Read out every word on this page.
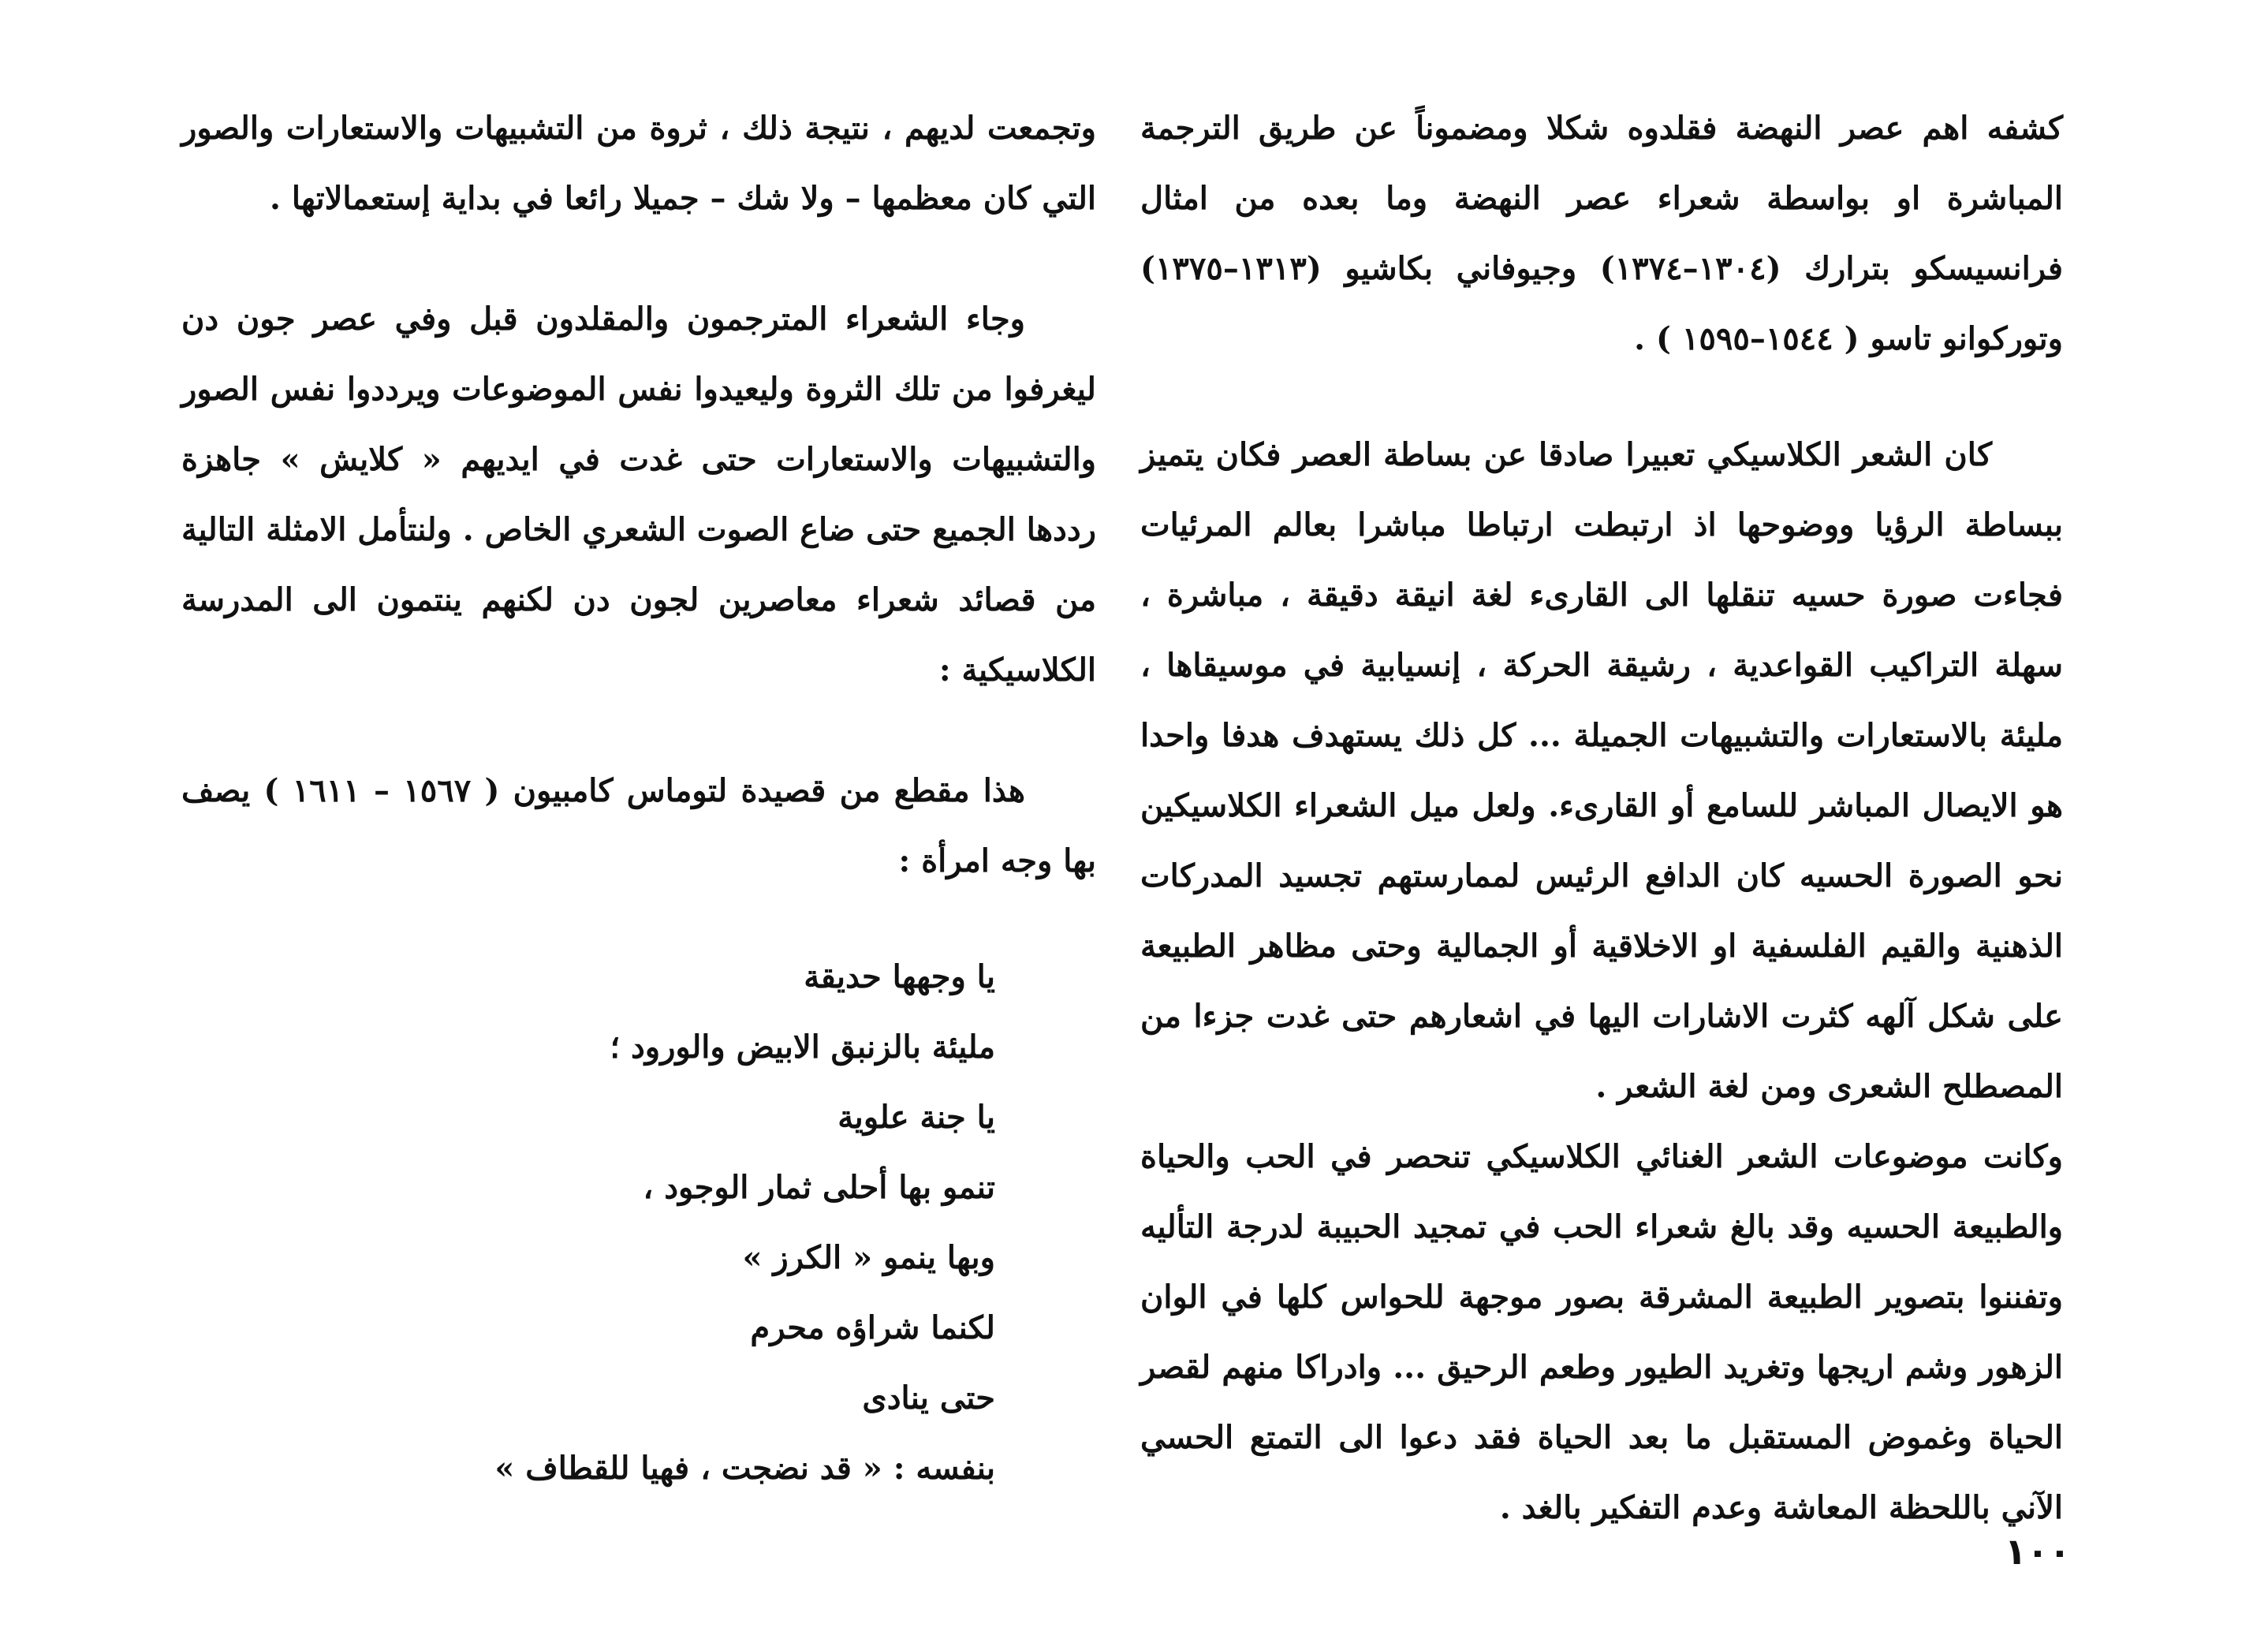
كشفه اهم عصر النهضة فقلدوه شكلا ومضموناً عن طريق الترجمة المباشرة او بواسطة شعراء عصر النهضة وما بعده من امثال فرانسيسكو بترارك (١٣٠٤–١٣٧٤) وجيوفاني بكاشيو (١٣١٣–١٣٧٥) وتوركوانو تاسو ( ١٥٤٤–١٥٩٥ ) .

كان الشعر الكلاسيكي تعبيرا صادقا عن بساطة العصر فكان يتميز ببساطة الرؤيا ووضوحها اذ ارتبطت ارتباطا مباشرا بعالم المرئيات فجاءت صورة حسيه تنقلها الى القارىء لغة انيقة دقيقة ، مباشرة ، سهلة التراكيب القواعدية ، رشيقة الحركة ، إنسيابية في موسيقاها ، مليئة بالاستعارات والتشبيهات الجميلة ... كل ذلك يستهدف هدفا واحدا هو الايصال المباشر للسامع أو القارىء. ولعل ميل الشعراء الكلاسيكين نحو الصورة الحسيه كان الدافع الرئيس لممارستهم تجسيد المدركات الذهنية والقيم الفلسفية او الاخلاقية أو الجمالية وحتى مظاهر الطبيعة على شكل آلهه كثرت الاشارات اليها في اشعارهم حتى غدت جزءا من المصطلح الشعرى ومن لغة الشعر .

وكانت موضوعات الشعر الغنائي الكلاسيكي تنحصر في الحب والحياة والطبيعة الحسيه وقد بالغ شعراء الحب في تمجيد الحبيبة لدرجة التأليه وتفننوا بتصوير الطبيعة المشرقة بصور موجهة للحواس كلها في الوان الزهور وشم اريجها وتغريد الطيور وطعم الرحيق ... وادراكا منهم لقصر الحياة وغموض المستقبل ما بعد الحياة فقد دعوا الى التمتع الحسي الآني باللحظة المعاشة وعدم التفكير بالغد .

وتجمعت لديهم ، نتيجة ذلك ، ثروة من التشبيهات والاستعارات والصور التي كان معظمها – ولا شك – جميلا رائعا في بداية إستعمالاتها .

وجاء الشعراء المترجمون والمقلدون قبل وفي عصر جون دن ليغرفوا من تلك الثروة وليعيدوا نفس الموضوعات ويرددوا نفس الصور والتشبيهات والاستعارات حتى غدت في ايديهم « كلايش » جاهزة رددها الجميع حتى ضاع الصوت الشعري الخاص . ولنتأمل الامثلة التالية من قصائد شعراء معاصرين لجون دن لكنهم ينتمون الى المدرسة الكلاسيكية :

هذا مقطع من قصيدة لتوماس كامبيون ( ١٥٦٧ – ١٦١١ ) يصف بها وجه امرأة :

يا وجهها حديقة
مليئة بالزنبق الابيض والورود ؛
يا جنة علوية
تنمو بها أحلى ثمار الوجود ،
وبها ينمو « الكرز »
لكنما شراؤه محرم
حتى ينادى
بنفسه : « قد نضجت ، فهيا للقطاف »
١٠٠
